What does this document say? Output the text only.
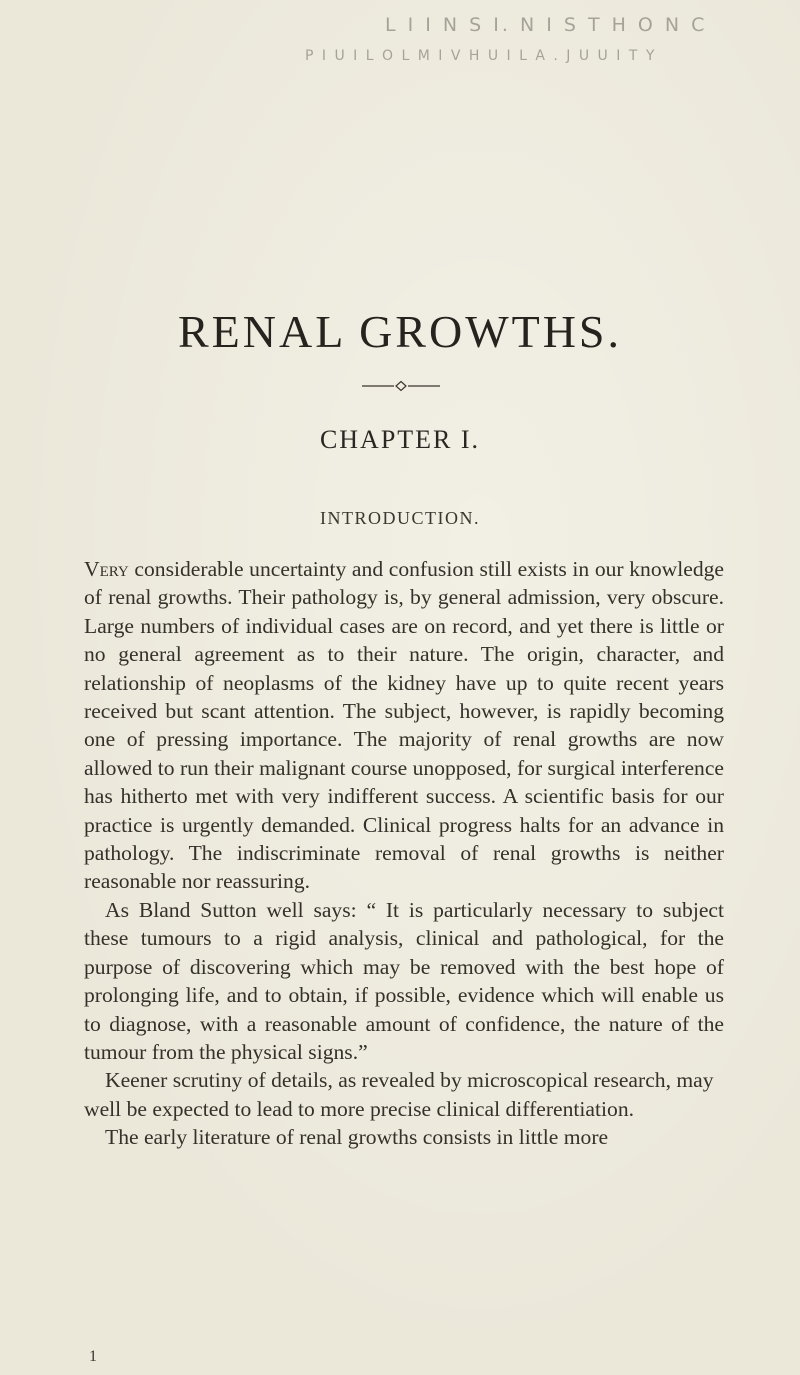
L I I N S I. N I S T H O N C
P I U I L O L M I V H U I L A . J U U I T Y
RENAL GROWTHS.
CHAPTER I.
INTRODUCTION.

Very considerable uncertainty and confusion still exists in our knowledge of renal growths. Their pathology is, by general admission, very obscure. Large numbers of individual cases are on record, and yet there is little or no general agreement as to their nature. The origin, character, and relationship of neoplasms of the kidney have up to quite recent years received but scant attention. The subject, however, is rapidly becoming one of pressing importance. The majority of renal growths are now allowed to run their malignant course unopposed, for surgical interference has hitherto met with very indifferent success. A scientific basis for our practice is urgently demanded. Clinical progress halts for an advance in pathology. The indiscriminate removal of renal growths is neither reasonable nor reassuring.

As Bland Sutton well says: “ It is particularly necessary to subject these tumours to a rigid analysis, clinical and pathological, for the purpose of discovering which may be removed with the best hope of prolonging life, and to obtain, if possible, evidence which will enable us to diagnose, with a reasonable amount of confidence, the nature of the tumour from the physical signs.”

Keener scrutiny of details, as revealed by microscopical research, may well be expected to lead to more precise clinical differentiation.

The early literature of renal growths consists in little more

1
